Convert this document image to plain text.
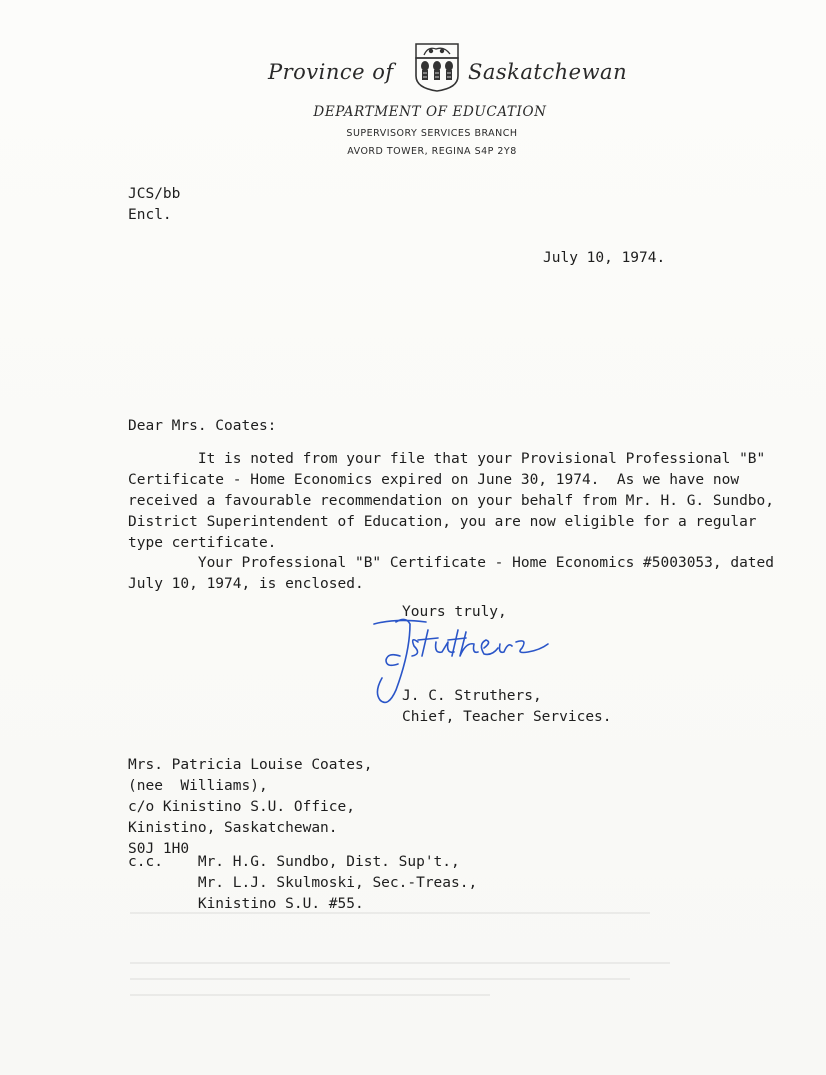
Province of	Saskatchewan
DEPARTMENT OF EDUCATION
SUPERVISORY SERVICES BRANCH
AVORD TOWER, REGINA S4P 2Y8
JCS/bb
Encl.
July 10, 1974.
Dear Mrs. Coates:
It is noted from your file that your Provisional Professional "B"
Certificate - Home Economics expired on June 30, 1974.  As we have now
received a favourable recommendation on your behalf from Mr. H. G. Sundbo,
District Superintendent of Education, you are now eligible for a regular
type certificate.
Your Professional "B" Certificate - Home Economics #5003053, dated
July 10, 1974, is enclosed.
Yours truly,
J. C. Struthers,
Chief, Teacher Services.
Mrs. Patricia Louise Coates,
(nee  Williams),
c/o Kinistino S.U. Office,
Kinistino, Saskatchewan.
S0J 1H0
c.c. Mr. H.G. Sundbo, Dist. Sup't.,
Mr. L.J. Skulmoski, Sec.-Treas.,
Kinistino S.U. #55.
